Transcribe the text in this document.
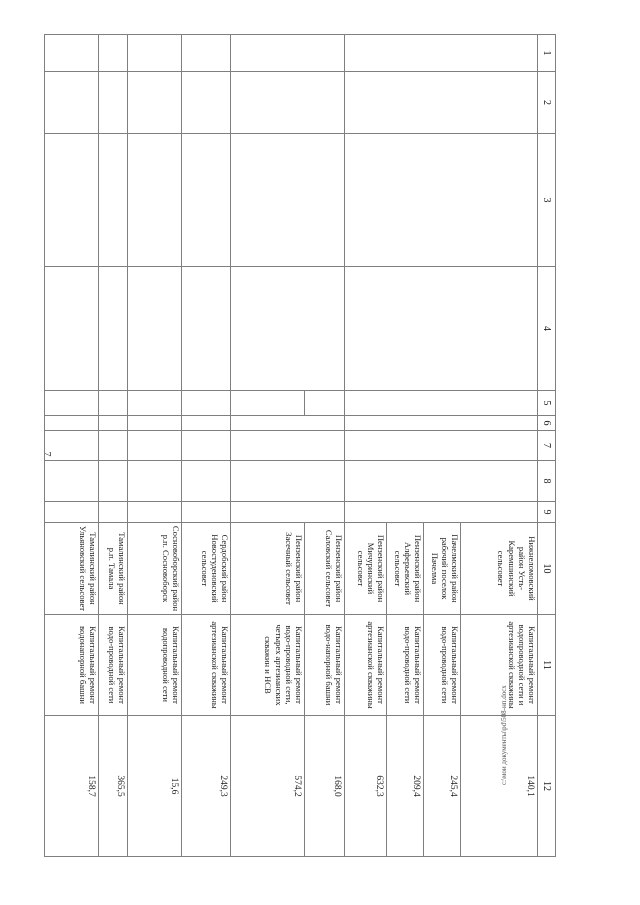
7
1	2	3	4	5	6	7	8	9	10	11	12
									Нижнеломовский район Усть-Каремшинский сельсовет	Капитальный ремонт водопроводной сети и артезианской скважины	140,1
									Пачелмский район рабочий поселок Пачелма	Капитальный ремонт водо-проводной сети	245,4
									Пензенский район Алферьевский сельсовет	Капитальный ремонт водо-проводной сети	209,4
									Пензенский район Мичуринский сельсовет	Капитальный ремонт артезианской скважины	632,3
									Пензенский район Саловский сельсовет	Капитальный ремонт водо-напорной башни	168,0
									Пензенский район Засечный сельсовет	Капитальный ремонт водо-проводной сети, четырех артезианских скважин и НСВ	574,2
									Сердобский район Новостуденовский сельсовет	Капитальный ремонт артезианской скважины	249,3
									Сосновоборский район р.п. Сосновоборск	Капитальный ремонт водопроводной сети	15,6
									Тамалинский район р.п. Тамала	Капитальный ремонт водо-проводной сети	365,5
									Тамалинский район Ульяновский сельсовет	Капитальный ремонт водонапорной башни	158,7
c:\мои документы\pd\508-нп.docx
